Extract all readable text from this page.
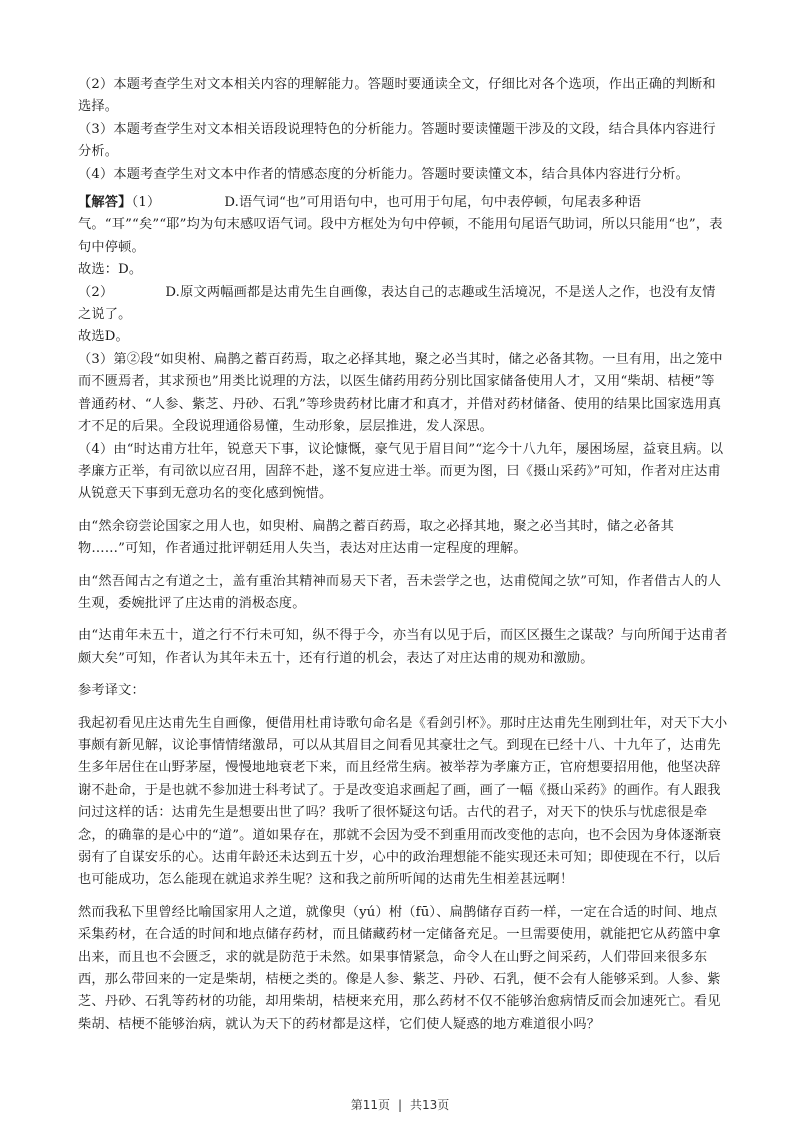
（2）本题考查学生对文本相关内容的理解能力。答题时要通读全文，仔细比对各个选项，作出正确的判断和选择。

（3）本题考查学生对文本相关语段说理特色的分析能力。答题时要读懂题干涉及的文段，结合具体内容进行分析。

（4）本题考查学生对文本中作者的情感态度的分析能力。答题时要读懂文本，结合具体内容进行分析。

【解答】（1）	D.语气词“也”可用语句中，也可用于句尾，句中表停顿，句尾表多种语气。“耳”“矣”“耶”均为句末感叹语气词。段中方框处为句中停顿，不能用句尾语气助词，所以只能用“也”，表句中停顿。

故选：D。

（2）	D.原文两幅画都是达甫先生自画像，表达自己的志趣或生活境况，不是送人之作，也没有友情之说了。

故选D。

（3）第②段“如臾柎、扁鹊之蓄百药焉，取之必择其地，聚之必当其时，储之必备其物。一旦有用，出之笼中而不匮焉者，其求预也”用类比说理的方法，以医生储药用药分别比国家储备使用人才，又用“柴胡、桔梗”等普通药材、“人参、紫芝、丹砂、石乳”等珍贵药材比庸才和真才，并借对药材储备、使用的结果比国家选用真才不足的后果。全段说理通俗易懂，生动形象，层层推进，发人深思。

（4）由“时达甫方壮年，锐意天下事，议论慷慨，豪气见于眉目间”“迄今十八九年，屡困场屋，益衰且病。以孝廉方正举，有司欲以应召用，固辞不赴，遂不复应进士举。而更为图，曰《摄山采药》”可知，作者对庄达甫从锐意天下事到无意功名的变化感到惋惜。

由“然余窃尝论国家之用人也，如臾柎、扁鹊之蓄百药焉，取之必择其地，聚之必当其时，储之必备其物……”可知，作者通过批评朝廷用人失当，表达对庄达甫一定程度的理解。

由“然吾闻古之有道之士，盖有重治其精神而易天下者，吾未尝学之也，达甫傥闻之欤”可知，作者借古人的人生观，委婉批评了庄达甫的消极态度。

由“达甫年未五十，道之行不行未可知，纵不得于今，亦当有以见于后，而区区摄生之谋哉？与向所闻于达甫者颇大矣”可知，作者认为其年未五十，还有行道的机会，表达了对庄达甫的规劝和激励。

参考译文：

我起初看见庄达甫先生自画像，便借用杜甫诗歌句命名是《看剑引杯》。那时庄达甫先生刚到壮年，对天下大小事颇有新见解，议论事情情绪激昂，可以从其眉目之间看见其豪壮之气。到现在已经十八、十九年了，达甫先生多年居住在山野茅屋，慢慢地地衰老下来，而且经常生病。被举荐为孝廉方正，官府想要招用他，他坚决辞谢不赴命，于是也就不参加进士科考试了。于是改变追求画起了画，画了一幅《摄山采药》的画作。有人跟我问过这样的话：达甫先生是想要出世了吗？我听了很怀疑这句话。古代的君子，对天下的快乐与忧虑很是牵念，的确靠的是心中的“道”。道如果存在，那就不会因为受不到重用而改变他的志向，也不会因为身体逐渐衰弱有了自谋安乐的心。达甫年龄还未达到五十岁，心中的政治理想能不能实现还未可知；即使现在不行，以后也可能成功，怎么能现在就追求养生呢？这和我之前所听闻的达甫先生相差甚远啊！

然而我私下里曾经比喻国家用人之道，就像臾（yú）柎（fū）、扁鹊储存百药一样，一定在合适的时间、地点采集药材，在合适的时间和地点储存药材，而且储藏药材一定储备充足。一旦需要使用，就能把它从药篮中拿出来，而且也不会匮乏，求的就是防范于未然。如果事情紧急，命令人在山野之间采药，人们带回来很多东西，那么带回来的一定是柴胡，桔梗之类的。像是人参、紫芝、丹砂、石乳，便不会有人能够采到。人参、紫芝、丹砂、石乳等药材的功能，却用柴胡，桔梗来充用，那么药材不仅不能够治愈病情反而会加速死亡。看见柴胡、桔梗不能够治病，就认为天下的药材都是这样，它们使人疑惑的地方难道很小吗？

第11页 | 共13页
